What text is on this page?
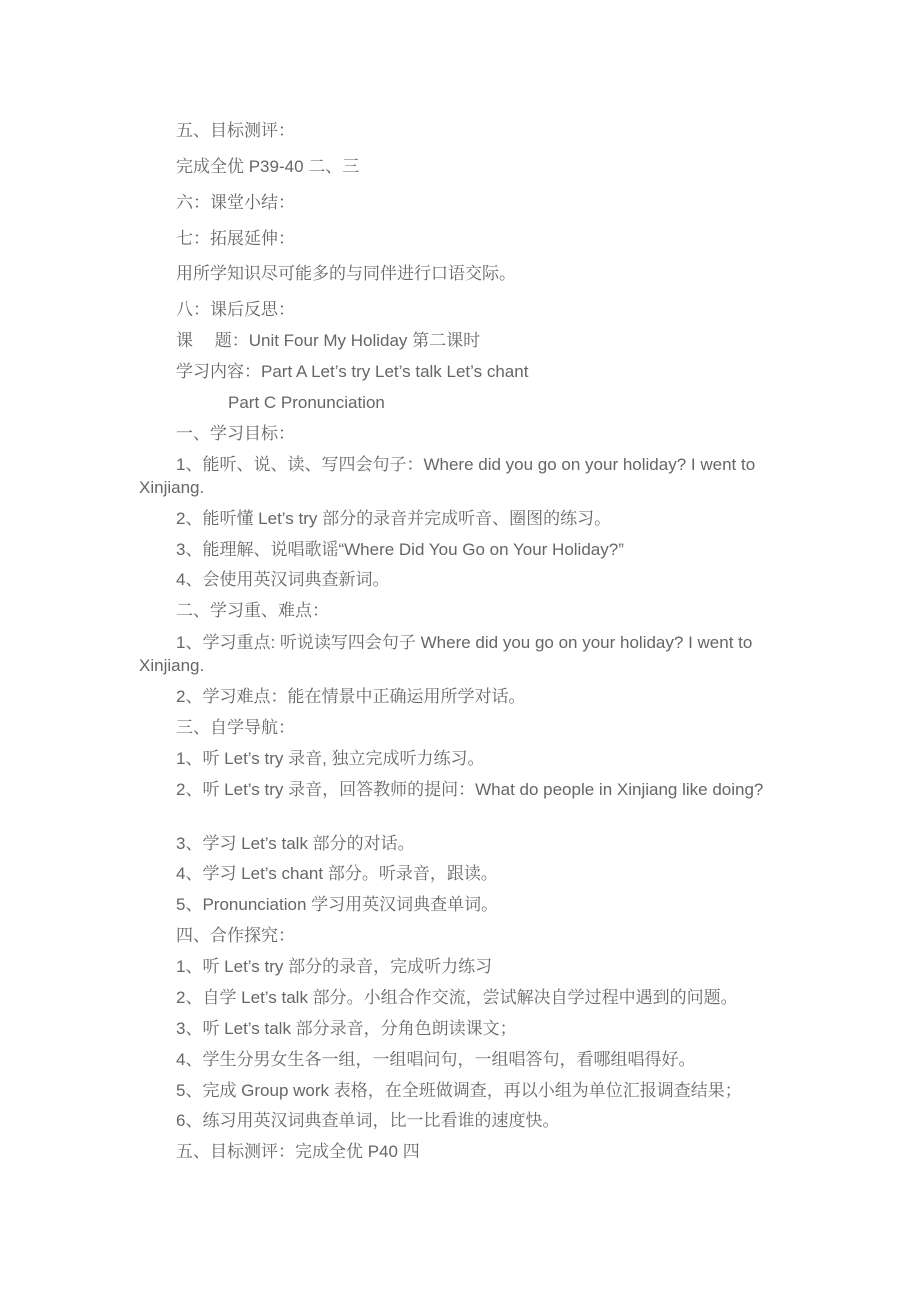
五、目标测评：

完成全优 P39-40 二、三

六：课堂小结：

七：拓展延伸：

用所学知识尽可能多的与同伴进行口语交际。

八：课后反思：

课　 题：Unit Four My Holiday 第二课时

学习内容：Part A Let’s try Let’s talk Let’s chant

Part C Pronunciation

一、学习目标：

1、能听、说、读、写四会句子：Where did you go on your holiday? I went to Xinjiang.

2、能听懂 Let’s try 部分的录音并完成听音、圈图的练习。

3、能理解、说唱歌谣“Where Did You Go on Your Holiday?”

4、会使用英汉词典查新词。

二、学习重、难点：

1、学习重点: 听说读写四会句子 Where did you go on your holiday? I went to Xinjiang.

2、学习难点：能在情景中正确运用所学对话。

三、自学导航：

1、听 Let’s try 录音, 独立完成听力练习。

2、听 Let’s try 录音，回答教师的提问：What do people in Xinjiang like doing?

3、学习 Let’s talk 部分的对话。

4、学习 Let’s chant 部分。听录音，跟读。

5、Pronunciation 学习用英汉词典查单词。

四、合作探究：

1、听 Let’s try 部分的录音，完成听力练习

2、自学 Let’s talk 部分。小组合作交流，尝试解决自学过程中遇到的问题。

3、听 Let’s talk 部分录音，分角色朗读课文；

4、学生分男女生各一组，一组唱问句，一组唱答句，看哪组唱得好。

5、完成 Group work 表格，在全班做调查，再以小组为单位汇报调查结果；

6、练习用英汉词典查单词，比一比看谁的速度快。

五、目标测评：完成全优 P40 四
